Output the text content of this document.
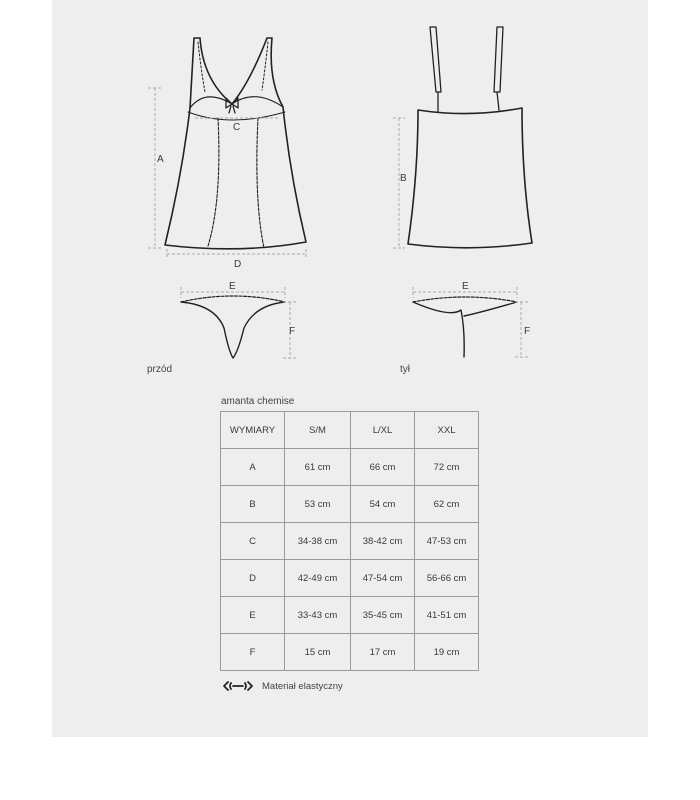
A
B
C
D
E	E
F	F
przód	tył
amanta chemise
WYMIARY	S/M	L/XL	XXL
A	61 cm	66 cm	72 cm
B	53 cm	54 cm	62 cm
C	34-38 cm	38-42 cm	47-53 cm
D	42-49 cm	47-54 cm	56-66 cm
E	33-43 cm	35-45 cm	41-51 cm
F	15 cm	17 cm	19 cm
Materiał elastyczny
